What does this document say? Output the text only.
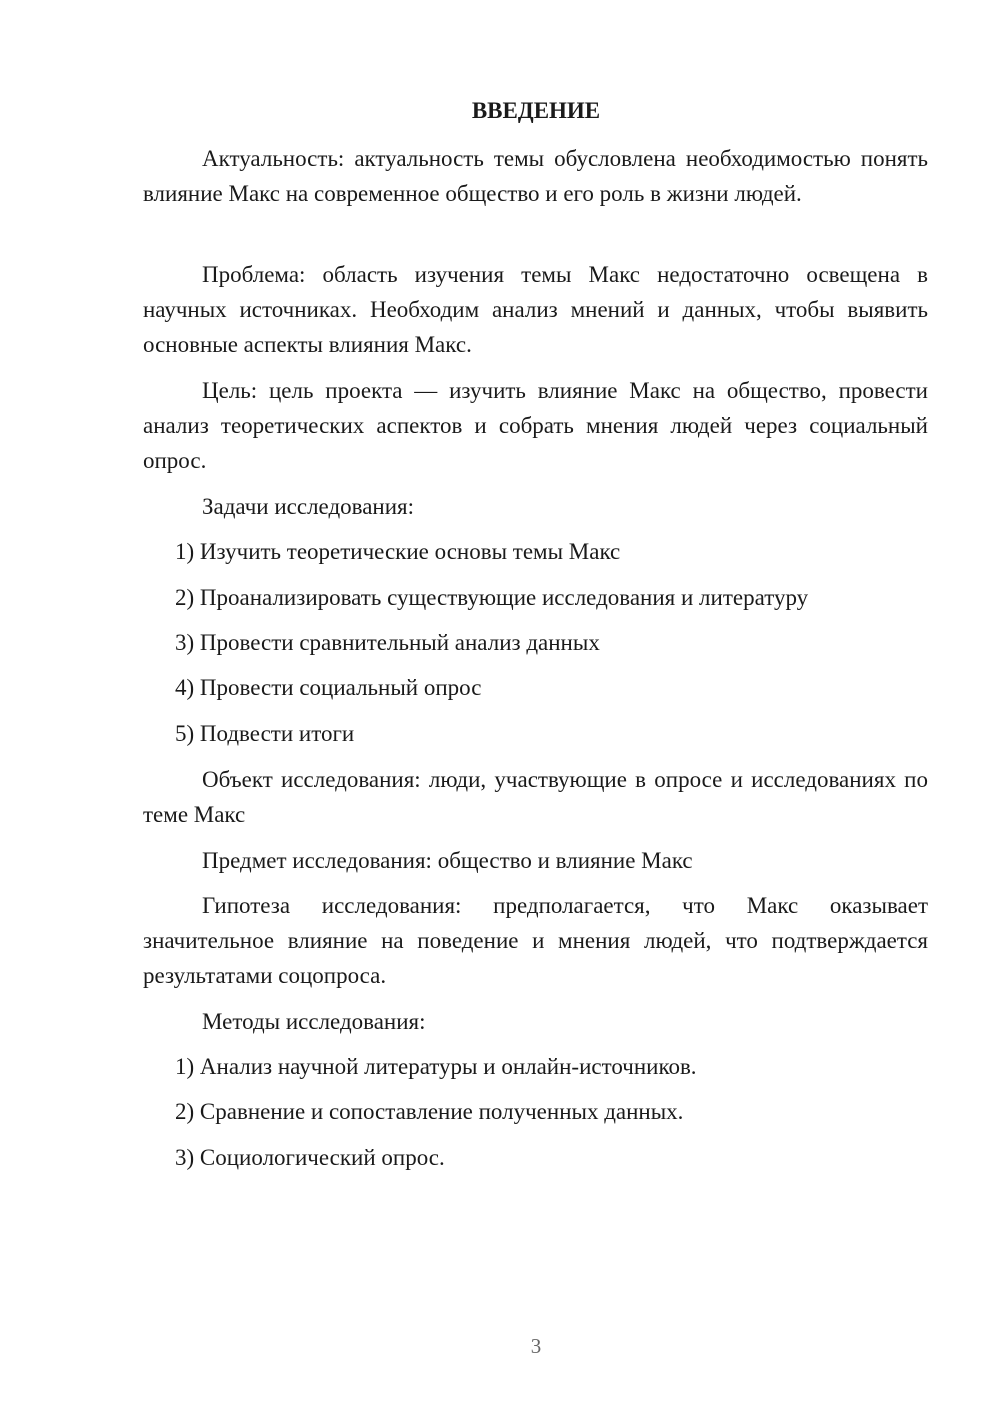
ВВЕДЕНИЕ
Актуальность: актуальность темы обусловлена необходимостью понять влияние Макс на современное общество и его роль в жизни людей.
Проблема: область изучения темы Макс недостаточно освещена в научных источниках. Необходим анализ мнений и данных, чтобы выявить основные аспекты влияния Макс.
Цель: цель проекта — изучить влияние Макс на общество, провести анализ теоретических аспектов и собрать мнения людей через социальный опрос.
Задачи исследования:
1) Изучить теоретические основы темы Макс
2) Проанализировать существующие исследования и литературу
3) Провести сравнительный анализ данных
4) Провести социальный опрос
5) Подвести итоги
Объект исследования: люди, участвующие в опросе и исследованиях по теме Макс
Предмет исследования: общество и влияние Макс
Гипотеза исследования: предполагается, что Макс оказывает значительное влияние на поведение и мнения людей, что подтверждается результатами соцопроса.
Методы исследования:
1) Анализ научной литературы и онлайн-источников.
2) Сравнение и сопоставление полученных данных.
3) Социологический опрос.
3
